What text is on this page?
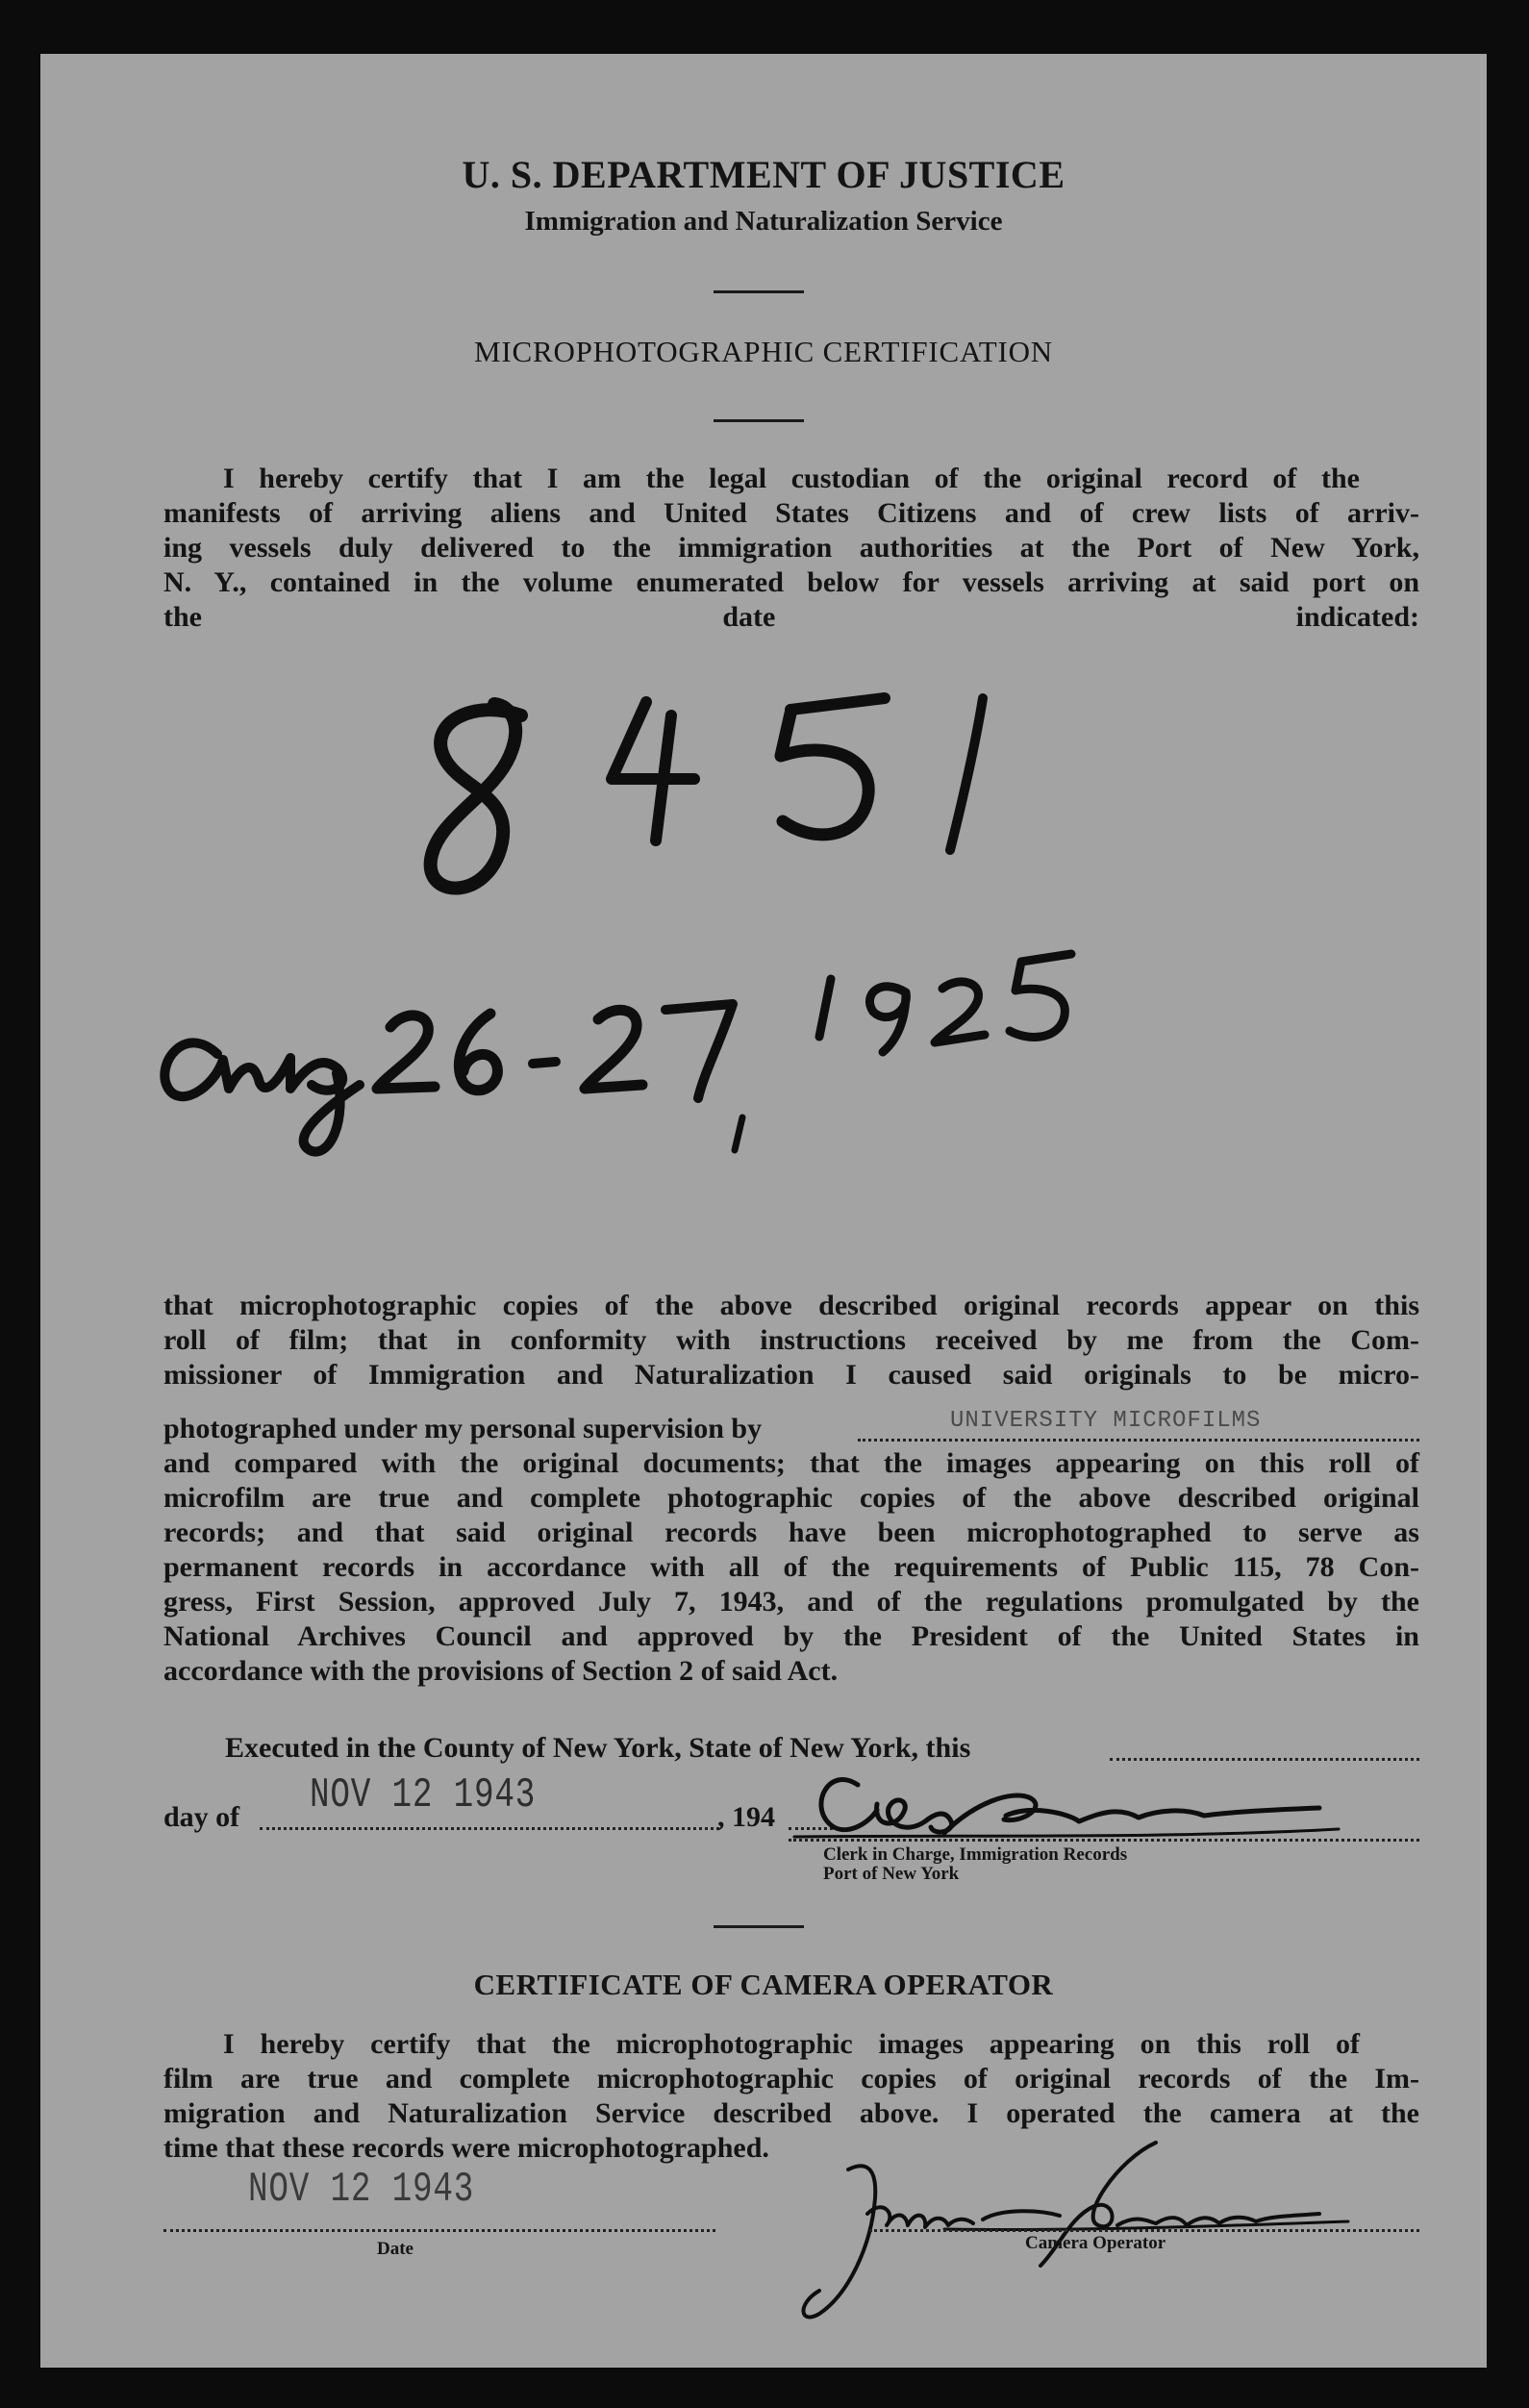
U. S. DEPARTMENT OF JUSTICE
Immigration and Naturalization Service
MICROPHOTOGRAPHIC CERTIFICATION

I hereby certify that I am the legal custodian of the original record of the

manifests of arriving aliens and United States Citizens and of crew lists of arriv-

ing vessels duly delivered to the immigration authorities at the Port of New York,

N. Y., contained in the volume enumerated below for vessels arriving at said port on

the date indicated:

that microphotographic copies of the above described original records appear on this

roll of film; that in conformity with instructions received by me from the Com-

missioner of Immigration and Naturalization I caused said originals to be micro-

photographed under my personal supervision by	UNIVERSITY MICROFILMS

and compared with the original documents; that the images appearing on this roll of

microfilm are true and complete photographic copies of the above described original

records; and that said original records have been microphotographed to serve as

permanent records in accordance with all of the requirements of Public 115, 78 Con-

gress, First Session, approved July 7, 1943, and of the regulations promulgated by the

National Archives Council and approved by the President of the United States in

accordance with the provisions of Section 2 of said Act.

Executed in the County of New York, State of New York, this

day of NOV 12 1943	, 194

Clerk in Charge, Immigration Records
Port of New York
CERTIFICATE OF CAMERA OPERATOR

I hereby certify that the microphotographic images appearing on this roll of

film are true and complete microphotographic copies of original records of the Im-

migration and Naturalization Service described above. I operated the camera at the

time that these records were microphotographed.

NOV 12 1943
Date	Camera Operator
